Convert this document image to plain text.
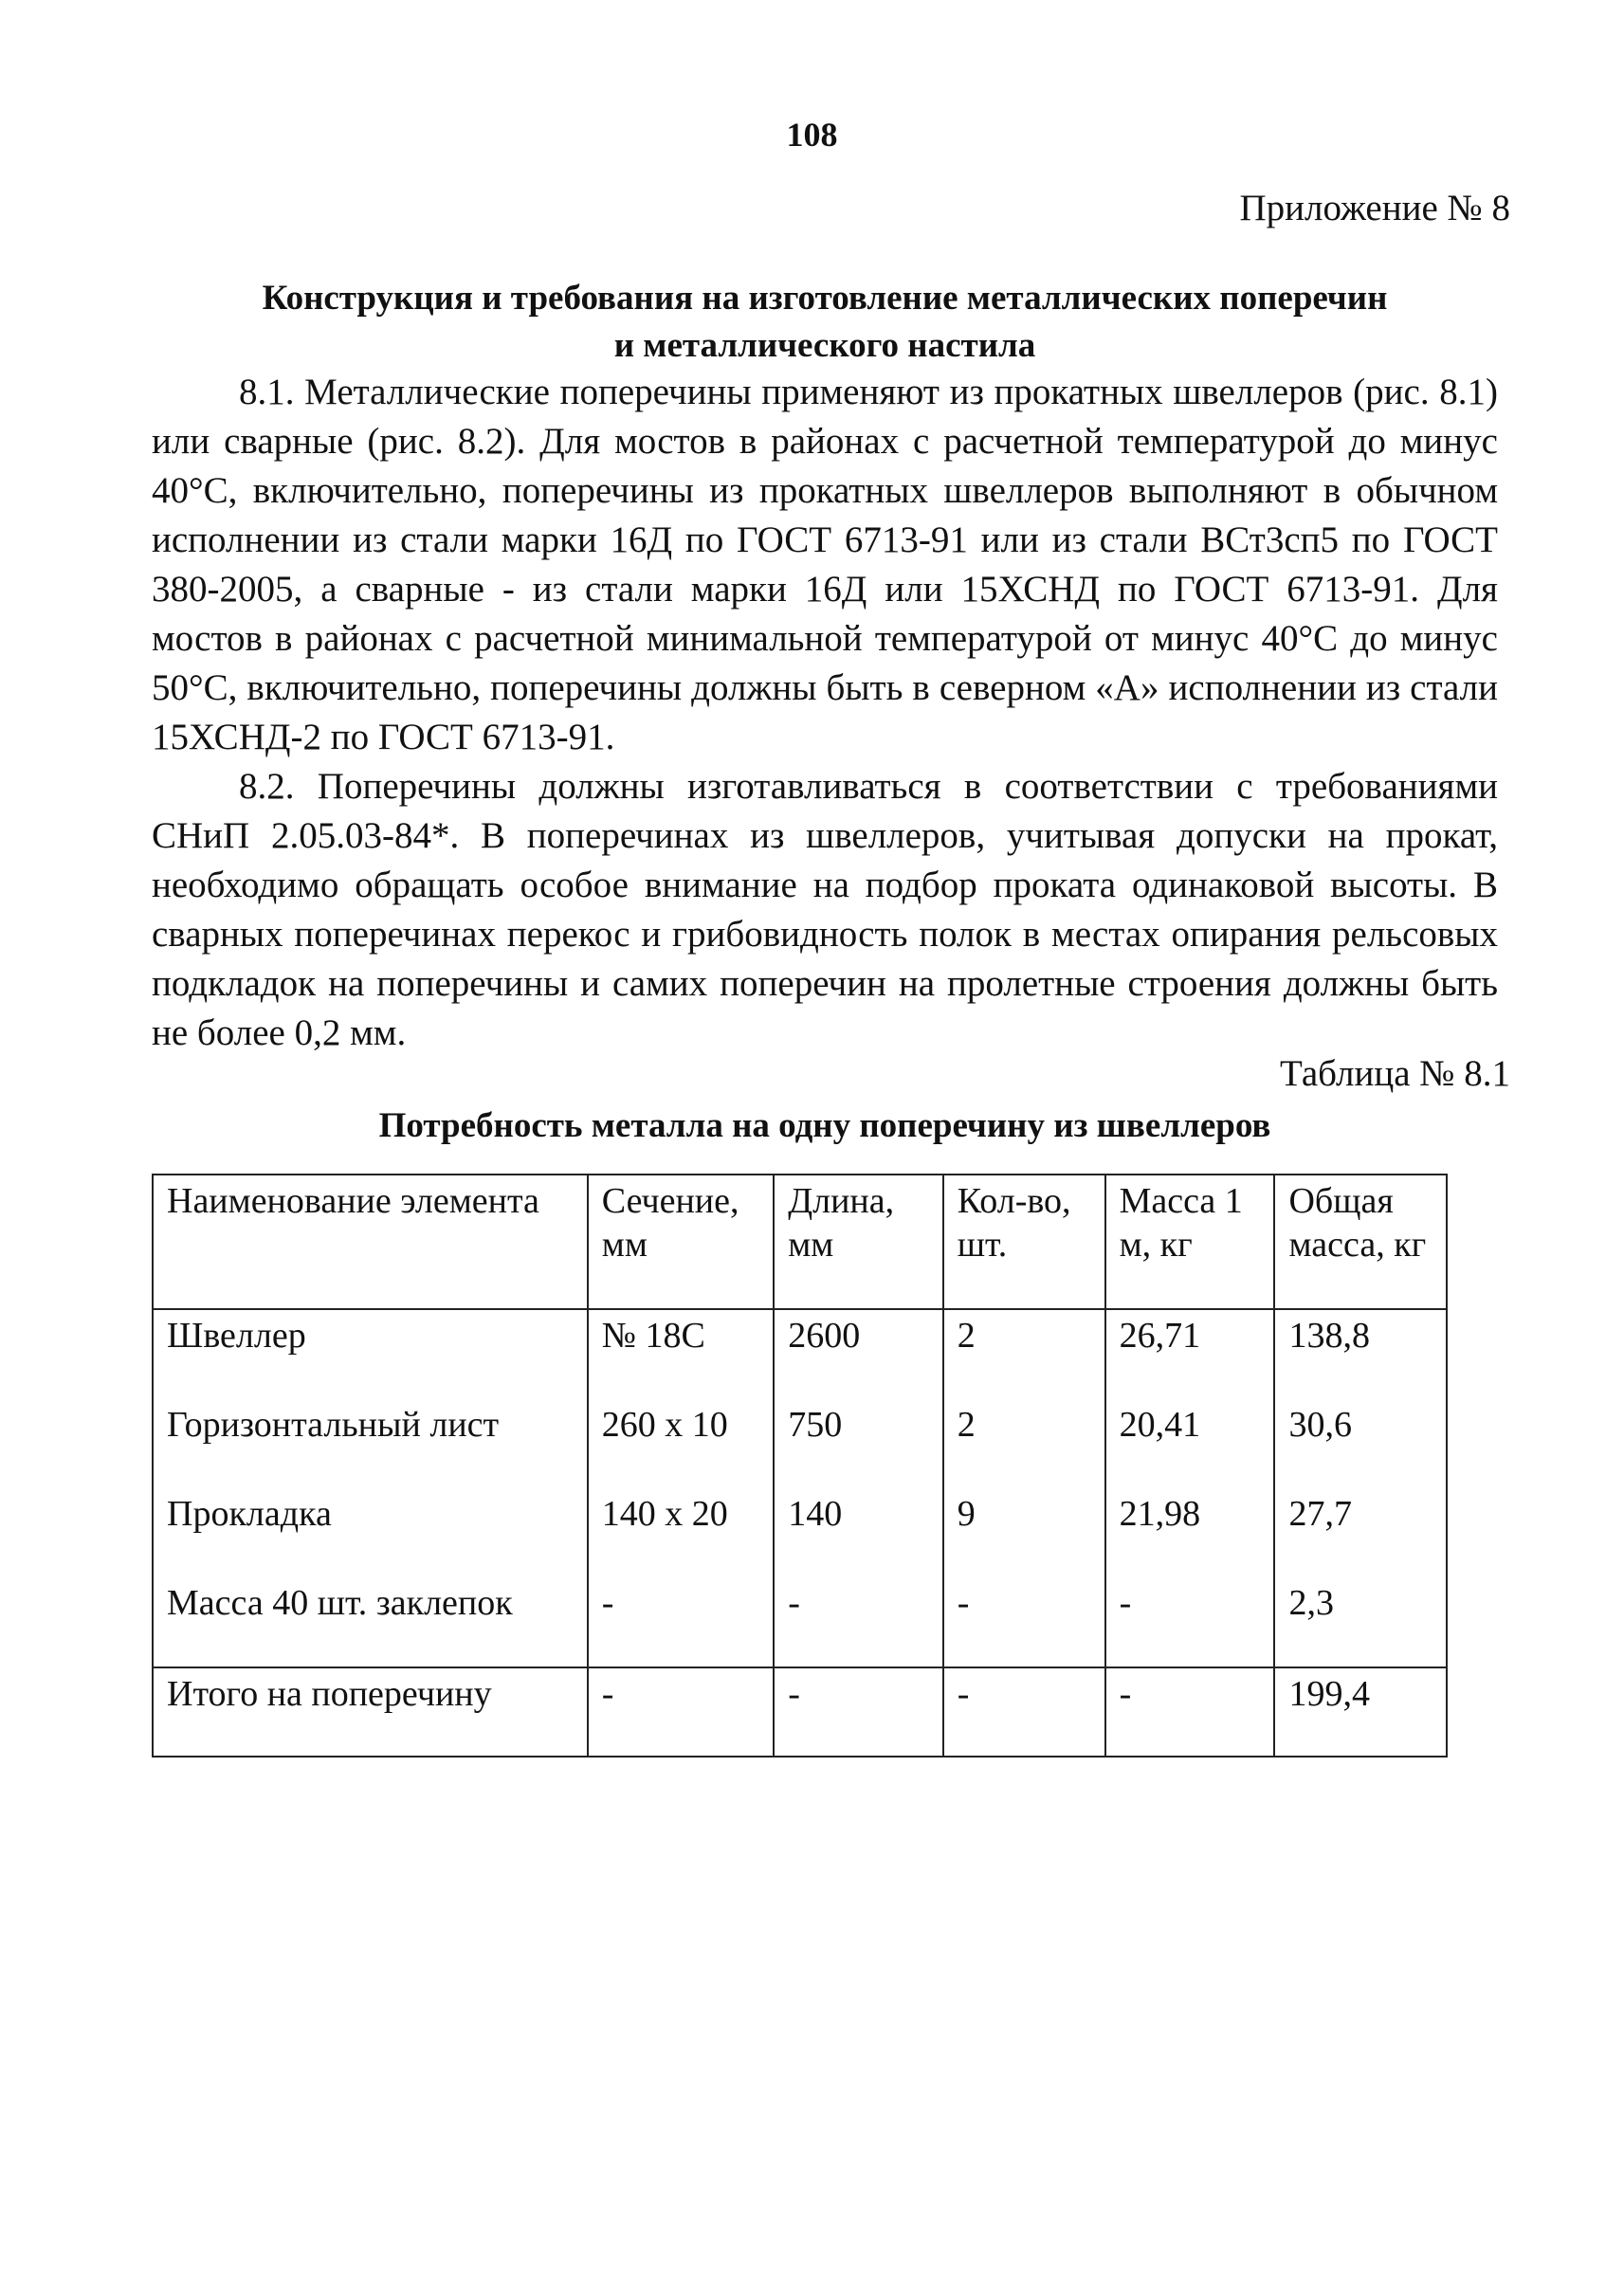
108
Приложение № 8
Конструкция и требования на изготовление металлических поперечин
и металлического настила

8.1. Металлические поперечины применяют из прокатных швеллеров (рис. 8.1) или сварные (рис. 8.2). Для мостов в районах с расчетной температурой до минус 40°С, включительно, поперечины из прокатных швеллеров выполняют в обычном исполнении из стали марки 16Д по ГОСТ 6713-91 или из стали ВСт3сп5 по ГОСТ 380-2005, а сварные - из стали марки 16Д или 15ХСНД по ГОСТ 6713-91. Для мостов в районах с расчетной минимальной температурой от минус 40°С до минус 50°С, включительно, поперечины должны быть в северном «А» исполнении из стали 15ХСНД-2 по ГОСТ 6713-91.

8.2. Поперечины должны изготавливаться в соответствии с требованиями СНиП 2.05.03-84*. В поперечинах из швеллеров, учитывая допуски на прокат, необходимо обращать особое внимание на подбор проката одинаковой высоты. В сварных поперечинах перекос и грибовидность полок в местах опирания рельсовых подкладок на поперечины и самих поперечин на пролетные строения должны быть не более 0,2 мм.

Таблица № 8.1
Потребность металла на одну поперечину из швеллеров
Наименование элемента	Сечение, мм	Длина, мм	Кол-во, шт.	Масса 1 м, кг	Общая масса, кг
Швеллер	№ 18С	2600	2	26,71	138,8
Горизонтальный лист	260 х 10	750	2	20,41	30,6
Прокладка	140 х 20	140	9	21,98	27,7
Масса 40 шт. заклепок	-	-	-	-	2,3
Итого на поперечину	-	-	-	-	199,4
